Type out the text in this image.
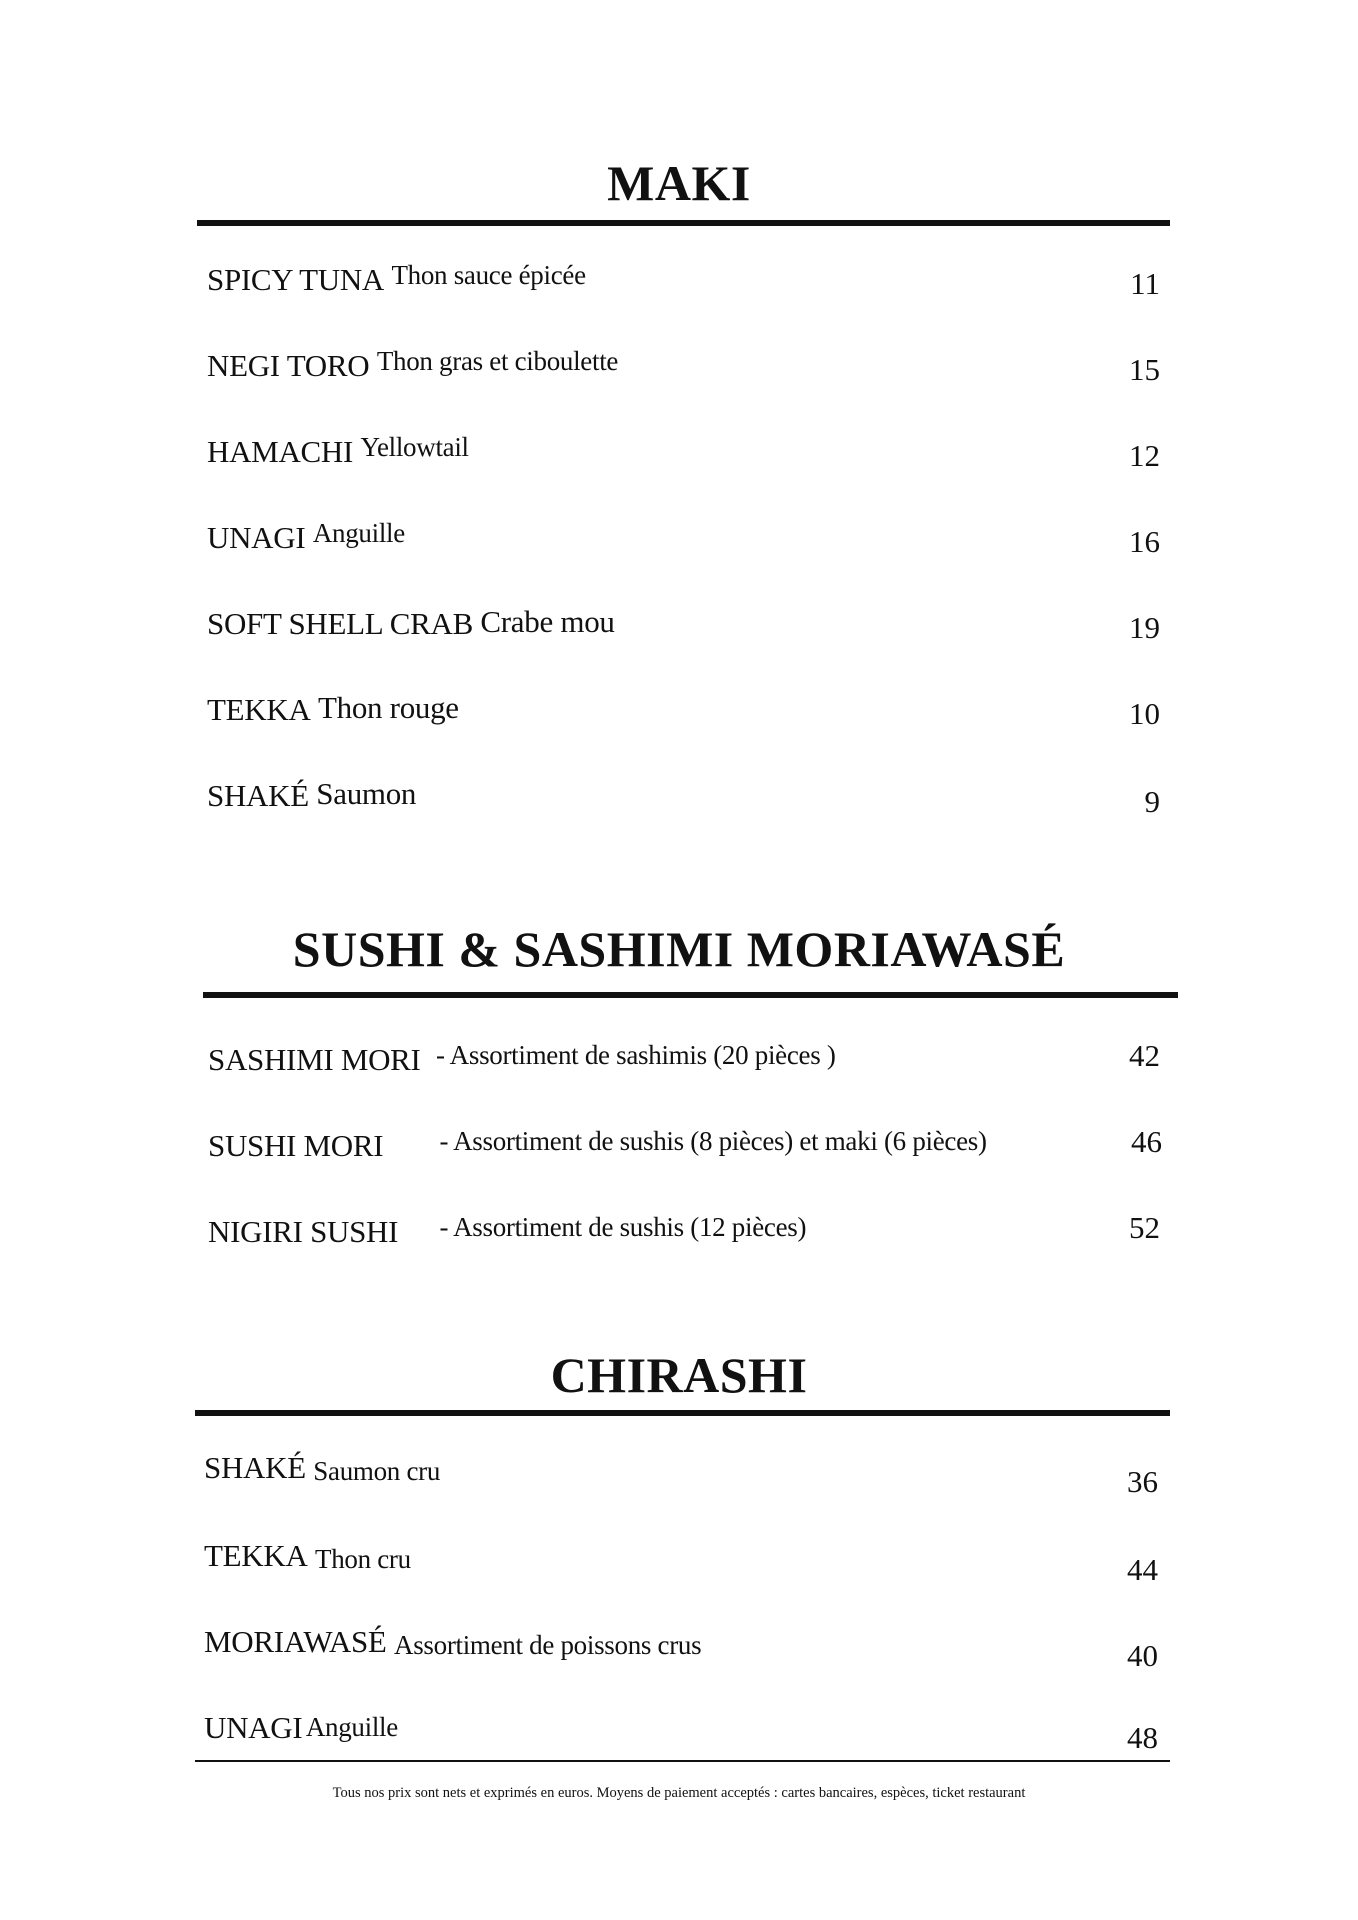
MAKI
SPICY TUNA Thon sauce épicée	11
NEGI TORO Thon gras et ciboulette	15
HAMACHI Yellowtail	12
UNAGI Anguille	16
SOFT SHELL CRAB Crabe mou	19
TEKKA Thon rouge	10
SHAKÉ Saumon	9
SUSHI & SASHIMI MORIAWASÉ
SASHIMI MORI - Assortiment de sashimis (20 pièces )	42
SUSHI MORI - Assortiment de sushis (8 pièces) et maki (6 pièces)	46
NIGIRI SUSHI - Assortiment de sushis (12 pièces)	52
CHIRASHI
SHAKÉ Saumon cru	36
TEKKA Thon cru	44
MORIAWASÉ Assortiment de poissons crus	40
UNAGI Anguille	48
Tous nos prix sont nets et exprimés en euros. Moyens de paiement acceptés : cartes bancaires, espèces, ticket restaurant
